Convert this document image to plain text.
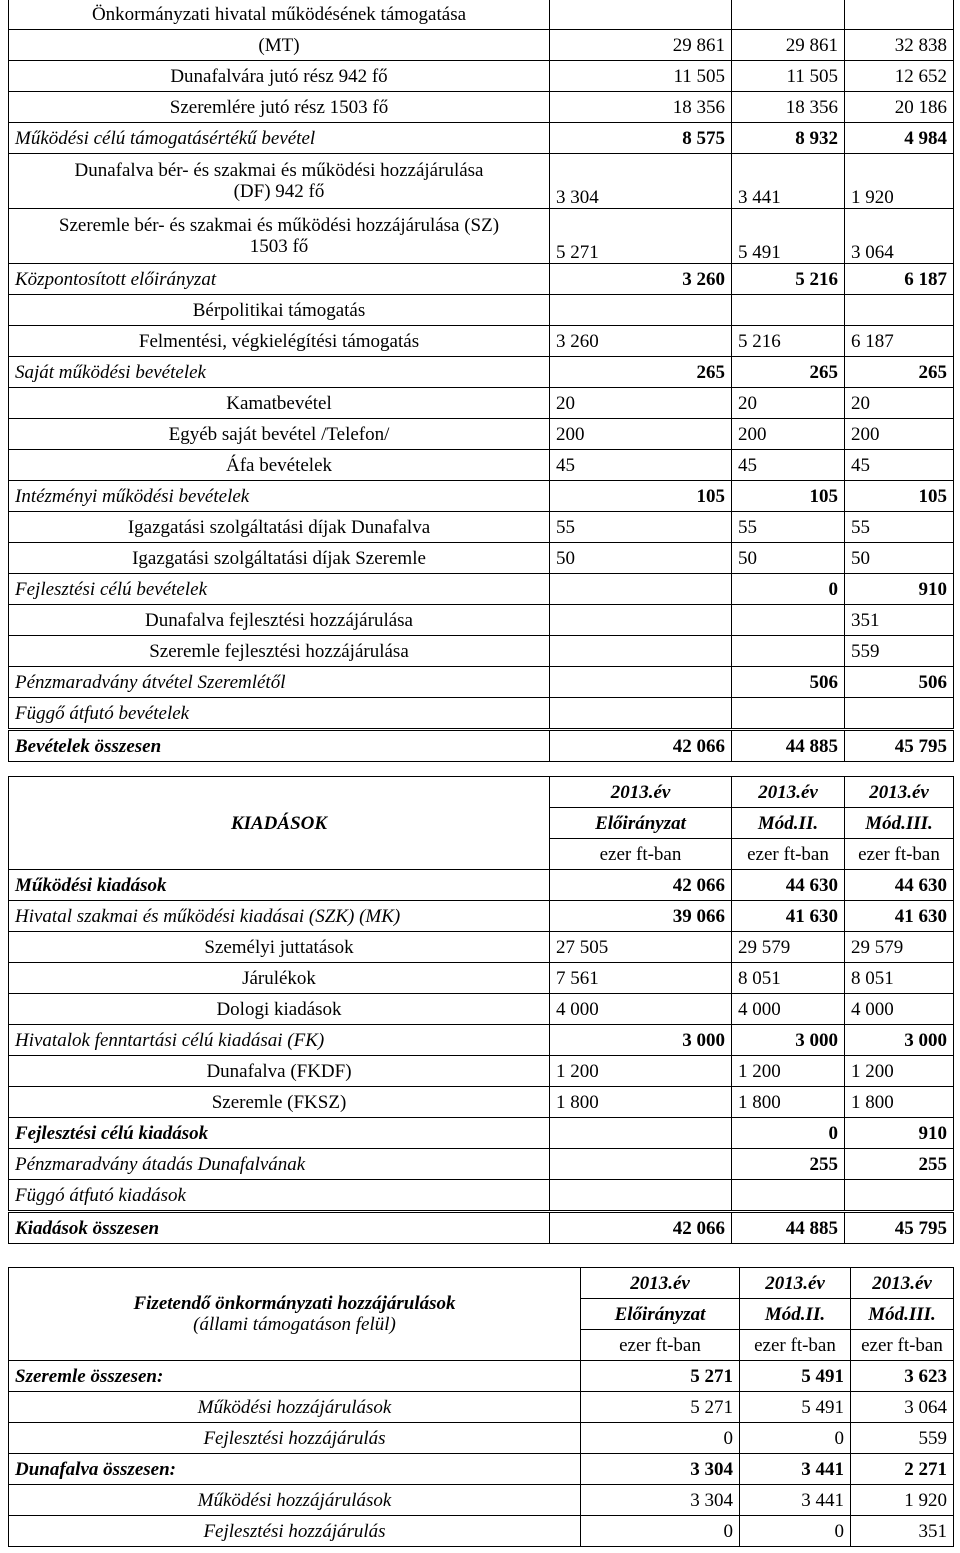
Önkormányzati hivatal működésének támogatása			
(MT)	29 861	29 861	32 838
Dunafalvára jutó rész 942 fő	11 505	11 505	12 652
Szeremlére jutó rész 1503 fő	18 356	18 356	20 186
Működési célú támogatásértékű bevétel	8 575	8 932	4 984
Dunafalva bér- és szakmai és működési hozzájárulása
(DF) 942 fő	3 304	3 441	1 920
Szeremle bér- és szakmai és működési hozzájárulása (SZ)
1503 fő	5 271	5 491	3 064
Központosított előirányzat	3 260	5 216	6 187
Bérpolitikai támogatás			
Felmentési, végkielégítési támogatás	3 260	5 216	6 187
Saját működési bevételek	265	265	265
Kamatbevétel	20	20	20
Egyéb saját bevétel /Telefon/	200	200	200
Áfa bevételek	45	45	45
Intézményi működési bevételek	105	105	105
Igazgatási szolgáltatási díjak Dunafalva	55	55	55
Igazgatási szolgáltatási díjak Szeremle	50	50	50
Fejlesztési célú bevételek		0	910
Dunafalva fejlesztési hozzájárulása			351
Szeremle fejlesztési hozzájárulása			559
Pénzmaradvány átvétel Szeremlétől		506	506
Függő átfutó bevételek			
Bevételek összesen	42 066	44 885	45 795
KIADÁSOK	2013.év	2013.év	2013.év
	Előirányzat	Mód.II.	Mód.III.
	ezer ft-ban	ezer ft-ban	ezer ft-ban
Működési kiadások	42 066	44 630	44 630
Hivatal szakmai és működési kiadásai (SZK) (MK)	39 066	41 630	41 630
Személyi juttatások	27 505	29 579	29 579
Járulékok	7 561	8 051	8 051
Dologi kiadások	4 000	4 000	4 000
Hivatalok fenntartási célú kiadásai (FK)	3 000	3 000	3 000
Dunafalva (FKDF)	1 200	1 200	1 200
Szeremle (FKSZ)	1 800	1 800	1 800
Fejlesztési célú kiadások		0	910
Pénzmaradvány átadás Dunafalvának		255	255
Függó átfutó kiadások			
Kiadások összesen	42 066	44 885	45 795
Fizetendő önkormányzati hozzájárulások
(állami támogatáson felül)	2013.év	2013.év	2013.év
	Előirányzat	Mód.II.	Mód.III.
	ezer ft-ban	ezer ft-ban	ezer ft-ban
Szeremle összesen:	5 271	5 491	3 623
Működési hozzájárulások	5 271	5 491	3 064
Fejlesztési hozzájárulás	0	0	559
Dunafalva összesen:	3 304	3 441	2 271
Működési hozzájárulások	3 304	3 441	1 920
Fejlesztési hozzájárulás	0	0	351
